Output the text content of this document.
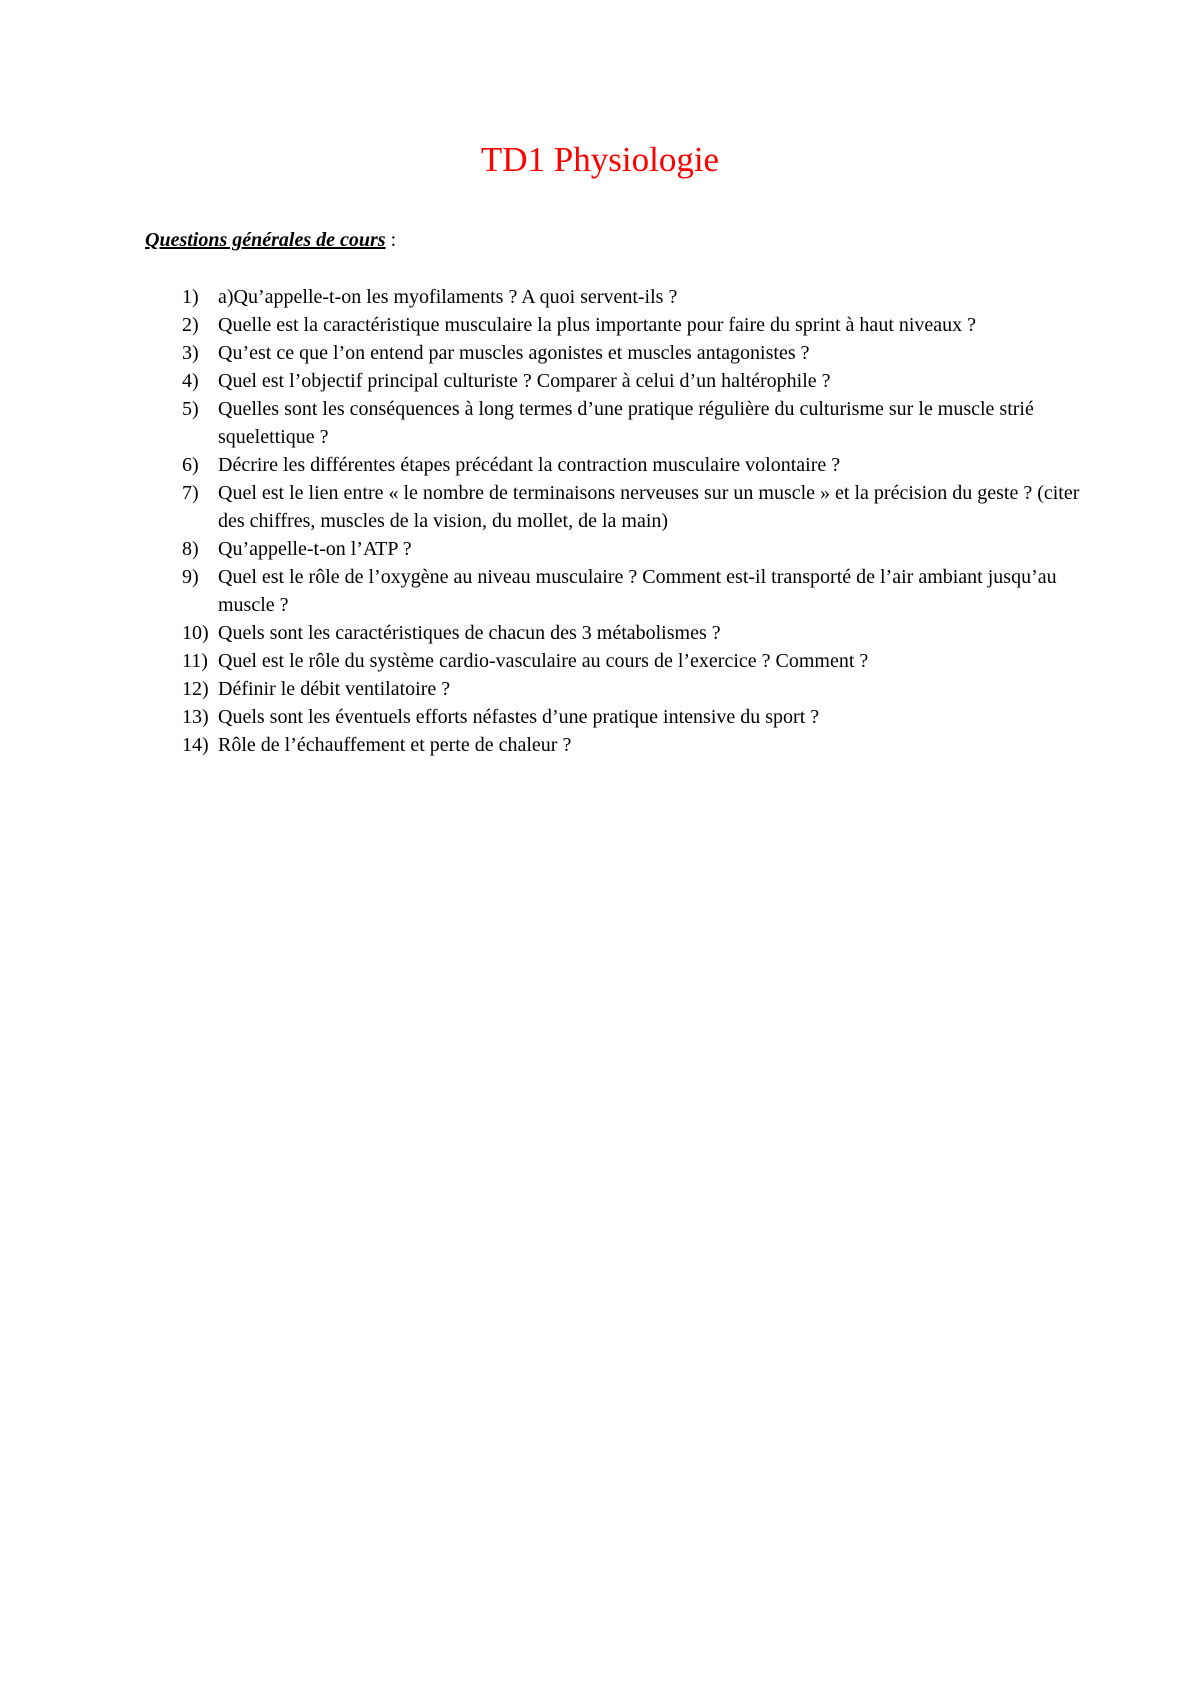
TD1 Physiologie

Questions générales de cours :

1) a)Qu’appelle-t-on les myofilaments ? A quoi servent-ils ?
2) Quelle est la caractéristique musculaire la plus importante pour faire du sprint à haut niveaux ?
3) Qu’est ce que l’on entend par muscles agonistes et muscles antagonistes ?
4) Quel est l’objectif principal culturiste ? Comparer à celui d’un haltérophile ?
5) Quelles sont les conséquences à long termes d’une pratique régulière du culturisme sur le muscle strié squelettique ?
6) Décrire les différentes étapes précédant la contraction musculaire volontaire ?
7) Quel est le lien entre « le nombre de terminaisons nerveuses sur un muscle » et la précision du geste ? (citer des chiffres, muscles de la vision, du mollet, de la main)
8) Qu’appelle-t-on l’ATP ?
9) Quel est le rôle de l’oxygène au niveau musculaire ? Comment est-il transporté de l’air ambiant jusqu’au muscle ?
10) Quels sont les caractéristiques de chacun des 3 métabolismes ?
11) Quel est le rôle du système cardio-vasculaire au cours de l’exercice ? Comment ?
12) Définir le débit ventilatoire ?
13) Quels sont les éventuels efforts néfastes d’une pratique intensive du sport ?
14) Rôle de l’échauffement et perte de chaleur ?
